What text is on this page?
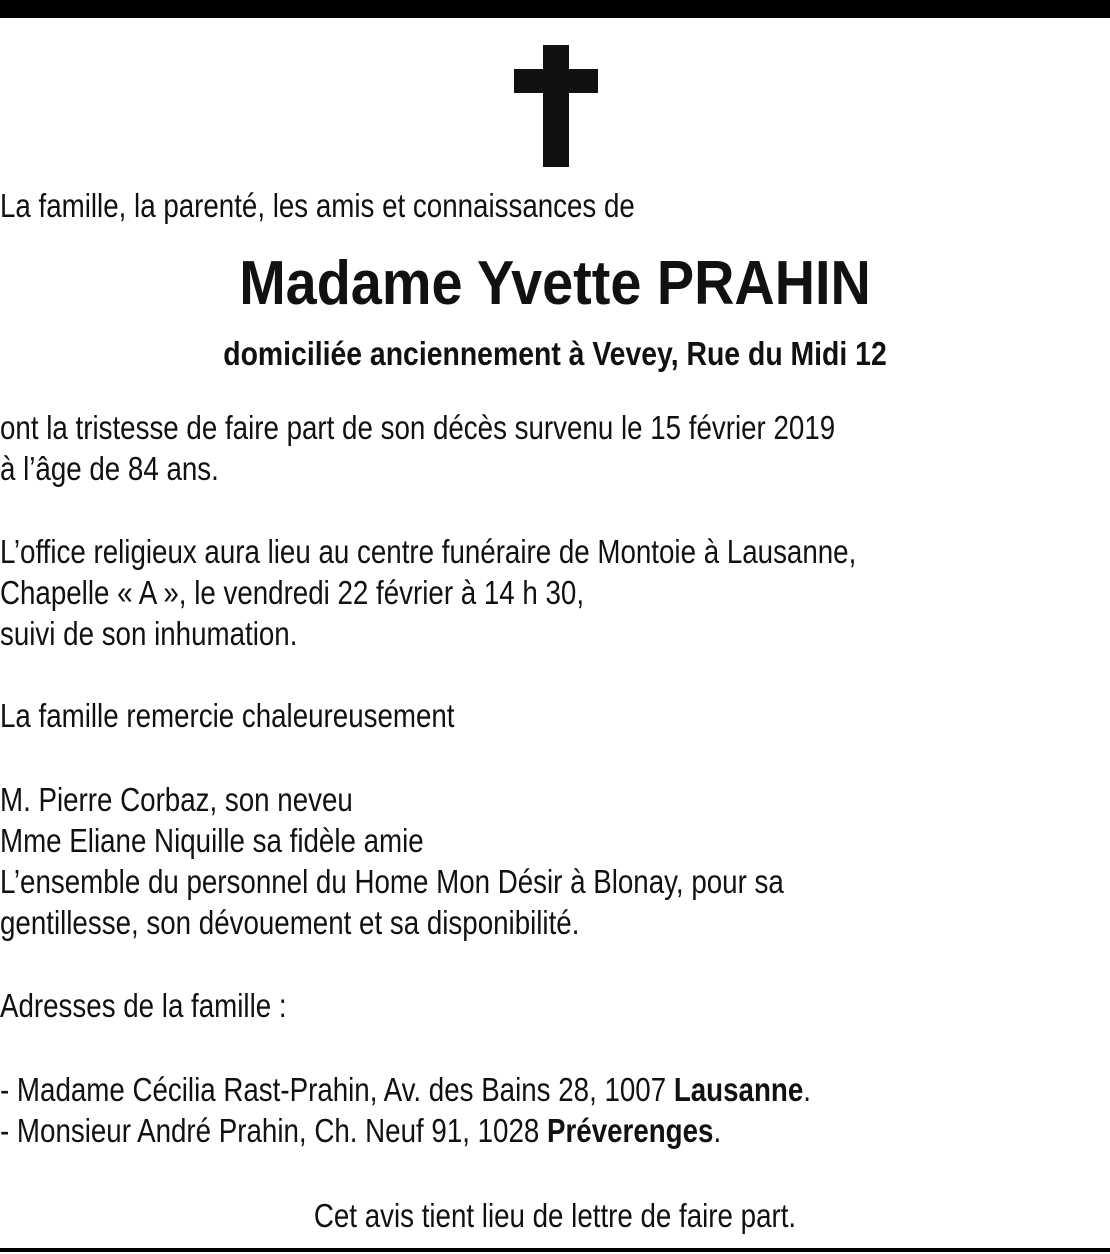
La famille, la parenté, les amis et connaissances de

Madame Yvette PRAHIN

domiciliée anciennement à Vevey, Rue du Midi 12

ont la tristesse de faire part de son décès survenu le 15 février 2019

à l’âge de 84 ans.

L’office religieux aura lieu au centre funéraire de Montoie à Lausanne,

Chapelle « A », le vendredi 22 février à 14 h 30,

suivi de son inhumation.

La famille remercie chaleureusement

M. Pierre Corbaz, son neveu

Mme Eliane Niquille sa fidèle amie

L’ensemble du personnel du Home Mon Désir à Blonay, pour sa

gentillesse, son dévouement et sa disponibilité.

Adresses de la famille :

- Madame Cécilia Rast-Prahin, Av. des Bains 28, 1007 Lausanne.

- Monsieur André Prahin, Ch. Neuf 91, 1028 Préverenges.

Cet avis tient lieu de lettre de faire part.
